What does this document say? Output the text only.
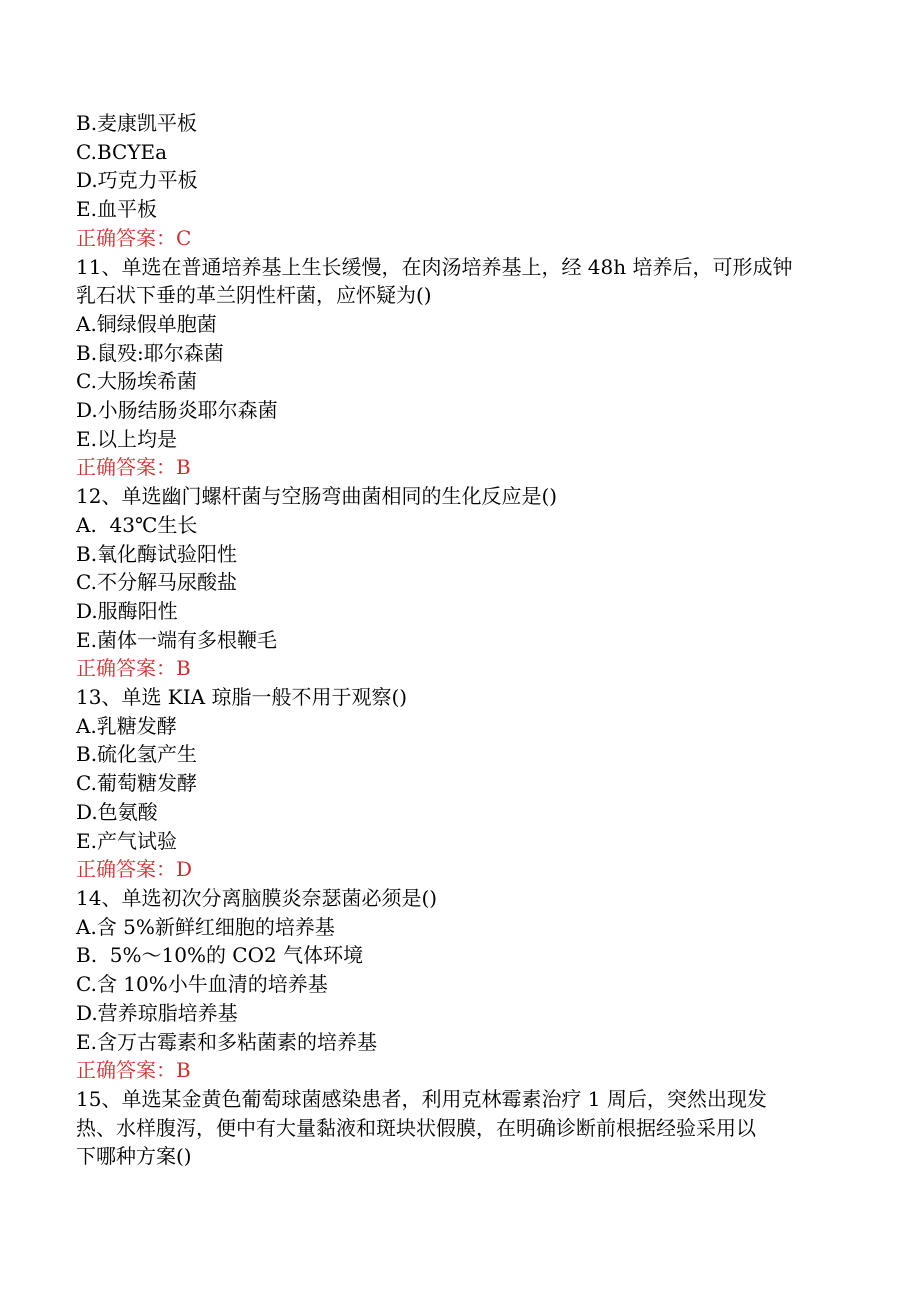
B.麦康凯平板
C.BCYEa
D.巧克力平板
E.血平板
正确答案：C
11、单选在普通培养基上生长缓慢，在肉汤培养基上，经 48h 培养后，可形成钟
乳石状下垂的革兰阴性杆菌，应怀疑为()
A.铜绿假单胞菌
B.鼠殁:耶尔森菌
C.大肠埃希菌
D.小肠结肠炎耶尔森菌
E.以上均是
正确答案：B
12、单选幽门螺杆菌与空肠弯曲菌相同的生化反应是()
A.  43℃生长
B.氧化酶试验阳性
C.不分解马尿酸盐
D.服酶阳性
E.菌体一端有多根鞭毛
正确答案：B
13、单选 KIA 琼脂一般不用于观察()
A.乳糖发酵
B.硫化氢产生
C.葡萄糖发酵
D.色氨酸
E.产气试验
正确答案：D
14、单选初次分离脑膜炎奈瑟菌必须是()
A.含 5%新鲜红细胞的培养基
B.  5%～10%的 CO2 气体环境
C.含 10%小牛血清的培养基
D.营养琼脂培养基
E.含万古霉素和多粘菌素的培养基
正确答案：B
15、单选某金黄色葡萄球菌感染患者，利用克林霉素治疗 1 周后，突然出现发
热、水样腹泻，便中有大量黏液和斑块状假膜，在明确诊断前根据经验采用以
下哪种方案()
